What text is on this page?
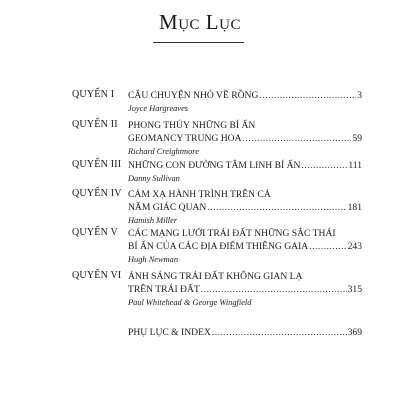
Mục Lục
QUYỂN I	CÂU CHUYỆN NHỎ VỀ RỒNG .....	3
Joyce Hargreaves
QUYỂN II	PHONG THỦY NHỮNG BÍ ẨN
GEOMANCY TRUNG HOA .....	59
Richard Creightmore
QUYỂN III NHỮNG CON ĐƯỜNG TÂM LINH BÍ ẨN .....	111
Danny Sullivan
QUYỂN IV CẢM XẠ HÀNH TRÌNH TRÊN CẢ
NĂM GIÁC QUAN .....	181
Hamish Miller
QUYỂN V	CÁC MẠNG LƯỚI TRÁI ĐẤT NHỮNG SẮC THÁI
BÍ ẨN CỦA CÁC ĐỊA ĐIỂM THIÊNG GAIA .....	243
Hugh Newman
QUYỂN VI ÁNH SÁNG TRÁI ĐẤT KHÔNG GIAN LẠ
TRÊN TRÁI ĐẤT .....	315
Paul Whitehead & George Wingfield
PHỤ LỤC & INDEX .....	369
